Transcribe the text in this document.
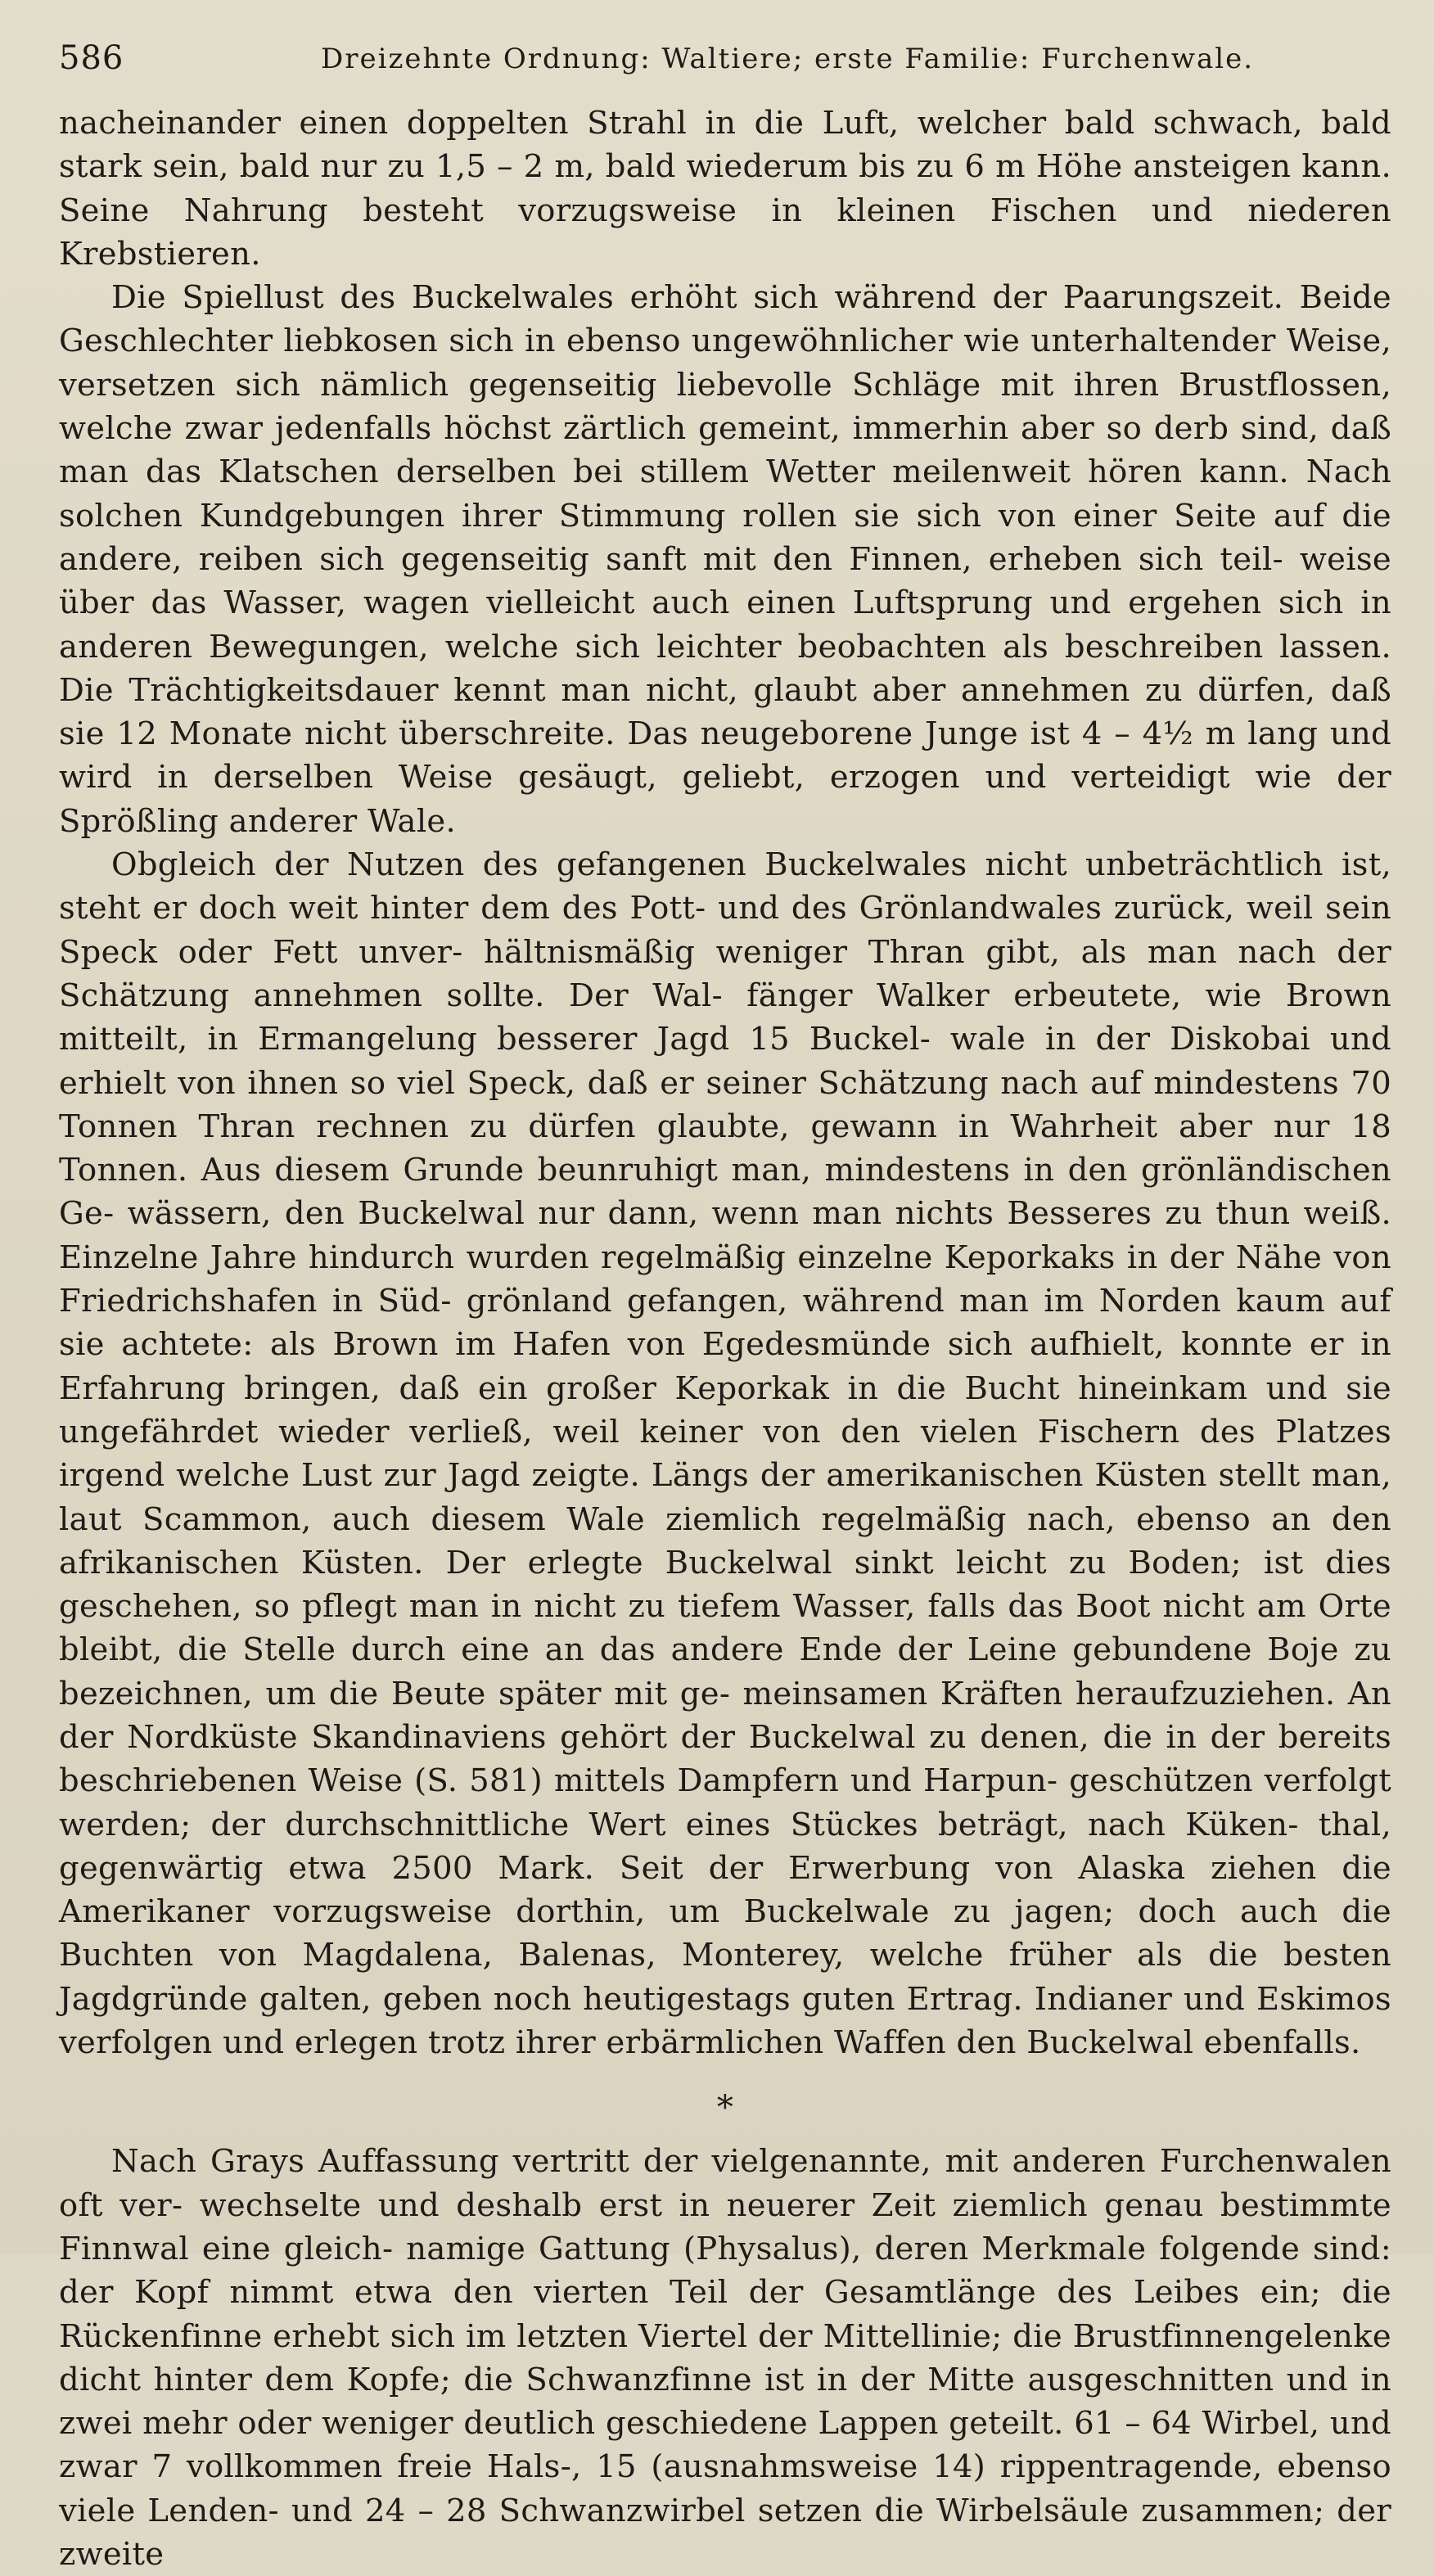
586	Dreizehnte Ordnung: Waltiere; erste Familie: Furchenwale.

nacheinander einen doppelten Strahl in die Luft, welcher bald schwach, bald stark sein, bald nur zu 1,5 – 2 m, bald wiederum bis zu 6 m Höhe ansteigen kann. Seine Nahrung besteht vorzugsweise in kleinen Fischen und niederen Krebstieren.

Die Spiellust des Buckelwales erhöht sich während der Paarungszeit. Beide Geschlechter liebkosen sich in ebenso ungewöhnlicher wie unterhaltender Weise, versetzen sich nämlich gegenseitig liebevolle Schläge mit ihren Brustflossen, welche zwar jedenfalls höchst zärtlich gemeint, immerhin aber so derb sind, daß man das Klatschen derselben bei stillem Wetter meilenweit hören kann. Nach solchen Kundgebungen ihrer Stimmung rollen sie sich von einer Seite auf die andere, reiben sich gegenseitig sanft mit den Finnen, erheben sich teil- weise über das Wasser, wagen vielleicht auch einen Luftsprung und ergehen sich in anderen Bewegungen, welche sich leichter beobachten als beschreiben lassen. Die Trächtigkeitsdauer kennt man nicht, glaubt aber annehmen zu dürfen, daß sie 12 Monate nicht überschreite. Das neugeborene Junge ist 4 – 4½ m lang und wird in derselben Weise gesäugt, geliebt, erzogen und verteidigt wie der Sprößling anderer Wale.

Obgleich der Nutzen des gefangenen Buckelwales nicht unbeträchtlich ist, steht er doch weit hinter dem des Pott- und des Grönlandwales zurück, weil sein Speck oder Fett unver- hältnismäßig weniger Thran gibt, als man nach der Schätzung annehmen sollte. Der Wal- fänger Walker erbeutete, wie Brown mitteilt, in Ermangelung besserer Jagd 15 Buckel- wale in der Diskobai und erhielt von ihnen so viel Speck, daß er seiner Schätzung nach auf mindestens 70 Tonnen Thran rechnen zu dürfen glaubte, gewann in Wahrheit aber nur 18 Tonnen. Aus diesem Grunde beunruhigt man, mindestens in den grönländischen Ge- wässern, den Buckelwal nur dann, wenn man nichts Besseres zu thun weiß. Einzelne Jahre hindurch wurden regelmäßig einzelne Keporkaks in der Nähe von Friedrichshafen in Süd- grönland gefangen, während man im Norden kaum auf sie achtete: als Brown im Hafen von Egedesmünde sich aufhielt, konnte er in Erfahrung bringen, daß ein großer Keporkak in die Bucht hineinkam und sie ungefährdet wieder verließ, weil keiner von den vielen Fischern des Platzes irgend welche Lust zur Jagd zeigte. Längs der amerikanischen Küsten stellt man, laut Scammon, auch diesem Wale ziemlich regelmäßig nach, ebenso an den afrikanischen Küsten. Der erlegte Buckelwal sinkt leicht zu Boden; ist dies geschehen, so pflegt man in nicht zu tiefem Wasser, falls das Boot nicht am Orte bleibt, die Stelle durch eine an das andere Ende der Leine gebundene Boje zu bezeichnen, um die Beute später mit ge- meinsamen Kräften heraufzuziehen. An der Nordküste Skandinaviens gehört der Buckelwal zu denen, die in der bereits beschriebenen Weise (S. 581) mittels Dampfern und Harpun- geschützen verfolgt werden; der durchschnittliche Wert eines Stückes beträgt, nach Küken- thal, gegenwärtig etwa 2500 Mark. Seit der Erwerbung von Alaska ziehen die Amerikaner vorzugsweise dorthin, um Buckelwale zu jagen; doch auch die Buchten von Magdalena, Balenas, Monterey, welche früher als die besten Jagdgründe galten, geben noch heutigestags guten Ertrag. Indianer und Eskimos verfolgen und erlegen trotz ihrer erbärmlichen Waffen den Buckelwal ebenfalls.

*

Nach Grays Auffassung vertritt der vielgenannte, mit anderen Furchenwalen oft ver- wechselte und deshalb erst in neuerer Zeit ziemlich genau bestimmte Finnwal eine gleich- namige Gattung (Physalus), deren Merkmale folgende sind: der Kopf nimmt etwa den vierten Teil der Gesamtlänge des Leibes ein; die Rückenfinne erhebt sich im letzten Viertel der Mittellinie; die Brustfinnengelenke dicht hinter dem Kopfe; die Schwanzfinne ist in der Mitte ausgeschnitten und in zwei mehr oder weniger deutlich geschiedene Lappen geteilt. 61 – 64 Wirbel, und zwar 7 vollkommen freie Hals-, 15 (ausnahmsweise 14) rippentragende, ebenso viele Lenden- und 24 – 28 Schwanzwirbel setzen die Wirbelsäule zusammen; der zweite
